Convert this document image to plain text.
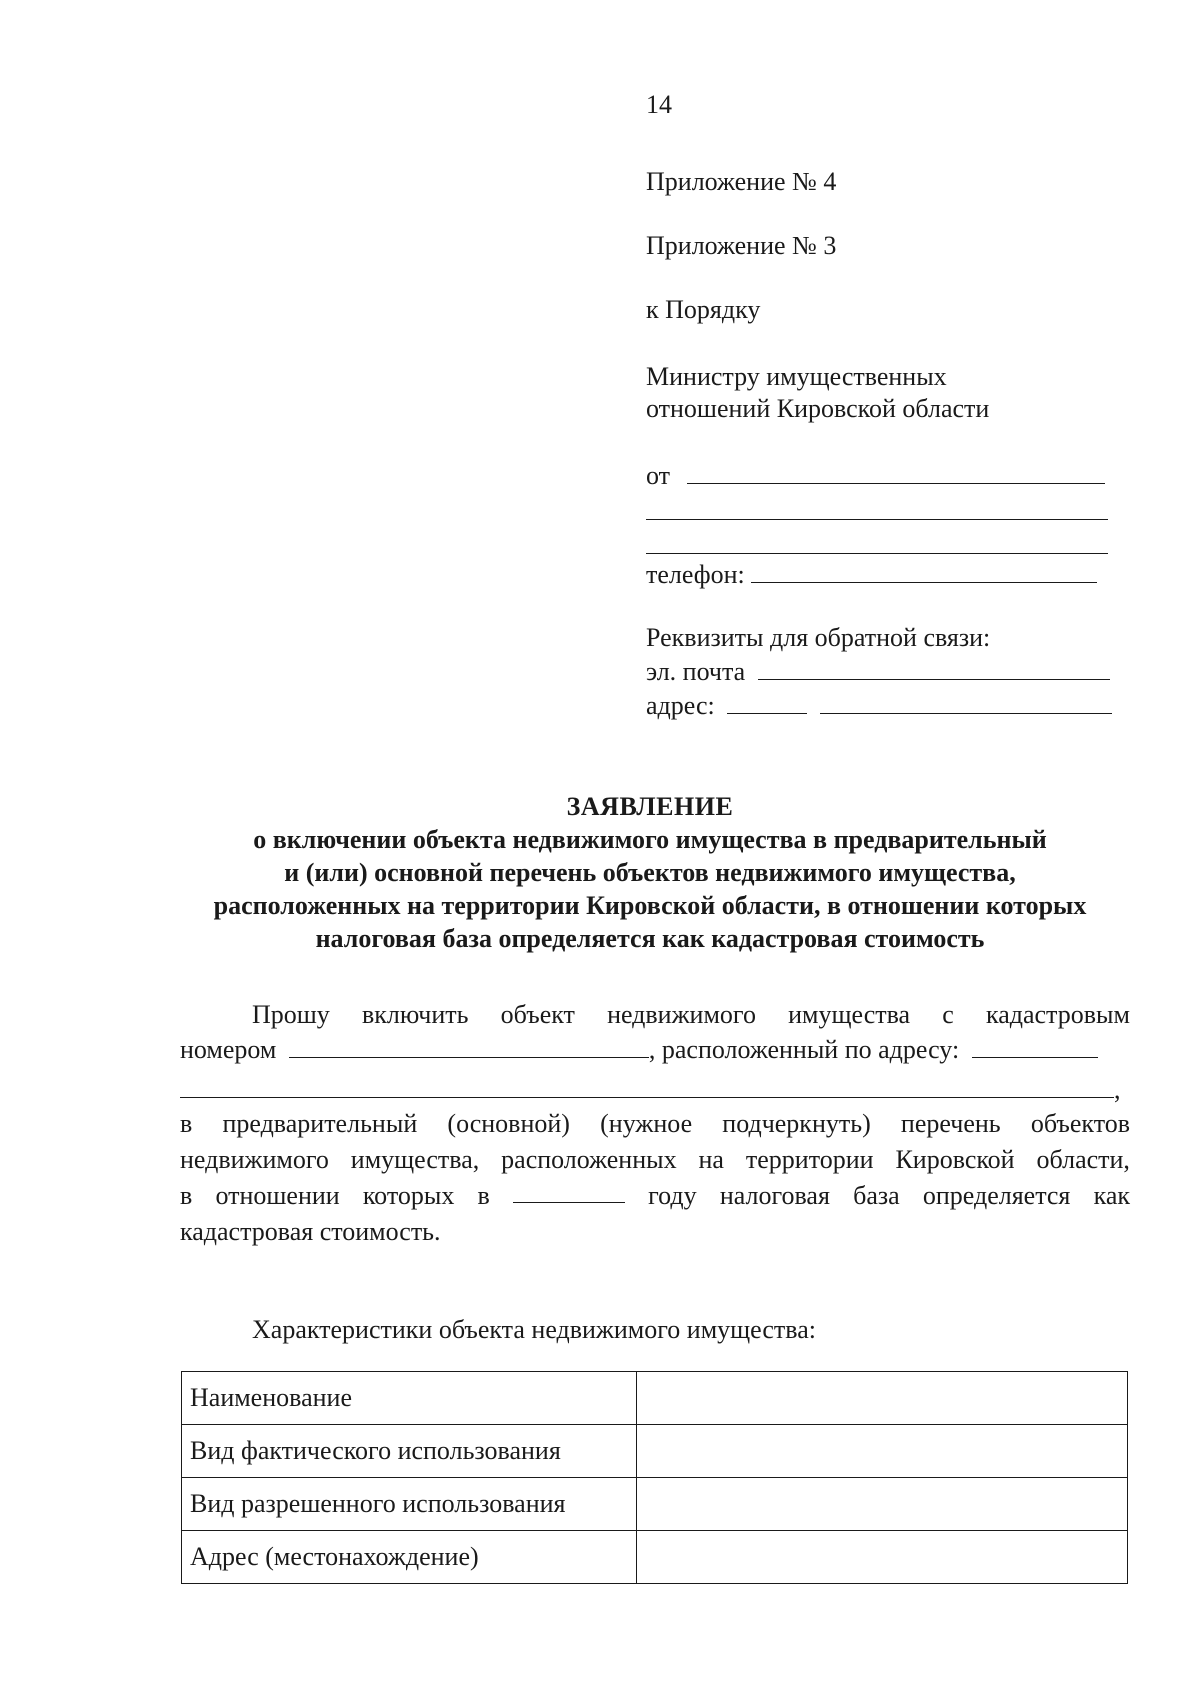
14
Приложение № 4
Приложение № 3
к Порядку
Министру имущественных
отношений Кировской области
от
телефон:
Реквизиты для обратной связи:
эл. почта
адрес:
ЗАЯВЛЕНИЕ
о включении объекта недвижимого имущества в предварительный
и (или) основной перечень объектов недвижимого имущества,
расположенных на территории Кировской области, в отношении которых
налоговая база определяется как кадастровая стоимость
Прошу включить объект недвижимого имущества с кадастровым
номером	, расположенный по адресу:
,
в предварительный (основной) (нужное подчеркнуть) перечень объектов
недвижимого имущества, расположенных на территории Кировской области,
в отношении которых в	году налоговая база определяется как
кадастровая стоимость.
Характеристики объекта недвижимого имущества:
Наименование	
Вид фактического использования	
Вид разрешенного использования	
Адрес (местонахождение)	
